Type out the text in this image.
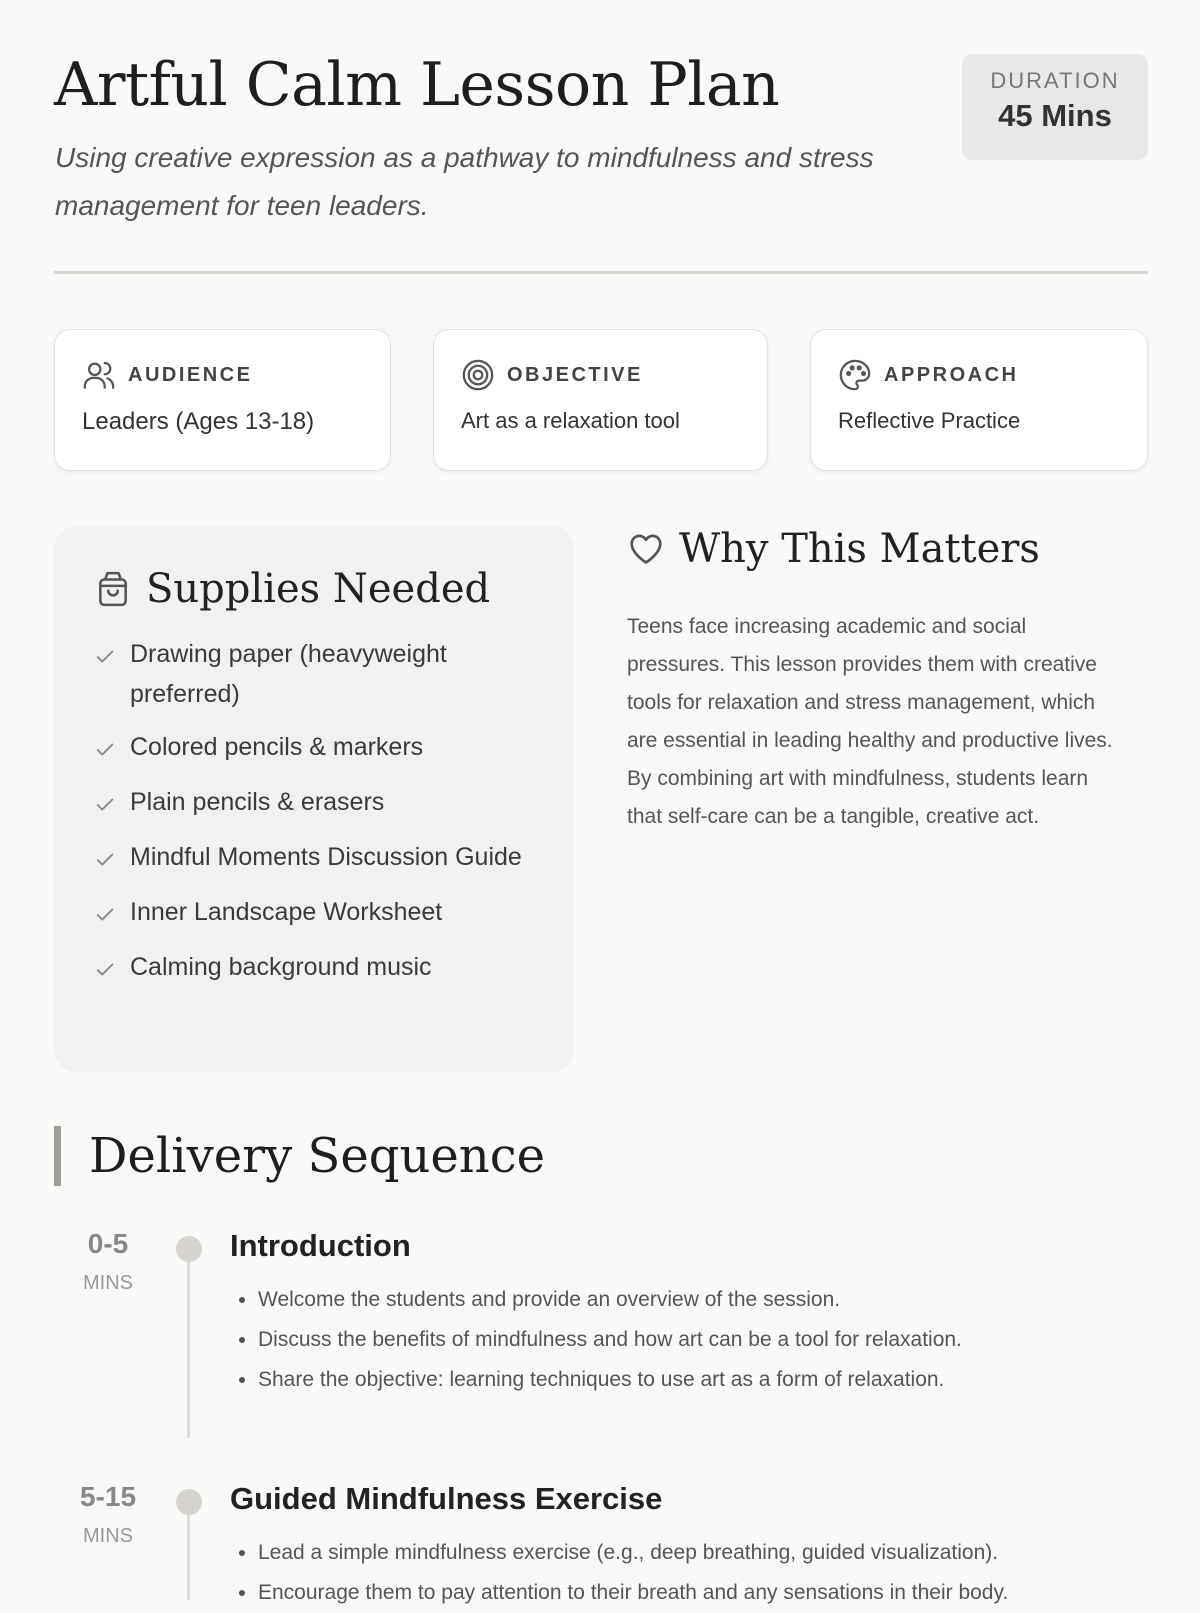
Artful Calm Lesson Plan

Using creative expression as a pathway to mindfulness and stress management for teen leaders.

DURATION
45 Mins
AUDIENCE
Leaders (Ages 13-18)
OBJECTIVE
Art as a relaxation tool
APPROACH
Reflective Practice
Supplies Needed
Drawing paper (heavyweight preferred)
Colored pencils & markers
Plain pencils & erasers
Mindful Moments Discussion Guide
Inner Landscape Worksheet
Calming background music
Why This Matters

Teens face increasing academic and social pressures. This lesson provides them with creative tools for relaxation and stress management, which are essential in leading healthy and productive lives. By combining art with mindfulness, students learn that self-care can be a tangible, creative act.

Delivery Sequence
0-5
MINS
Introduction
• Welcome the students and provide an overview of the session.
• Discuss the benefits of mindfulness and how art can be a tool for relaxation.
• Share the objective: learning techniques to use art as a form of relaxation.
5-15
MINS
Guided Mindfulness Exercise
• Lead a simple mindfulness exercise (e.g., deep breathing, guided visualization).
• Encourage them to pay attention to their breath and any sensations in their body.
